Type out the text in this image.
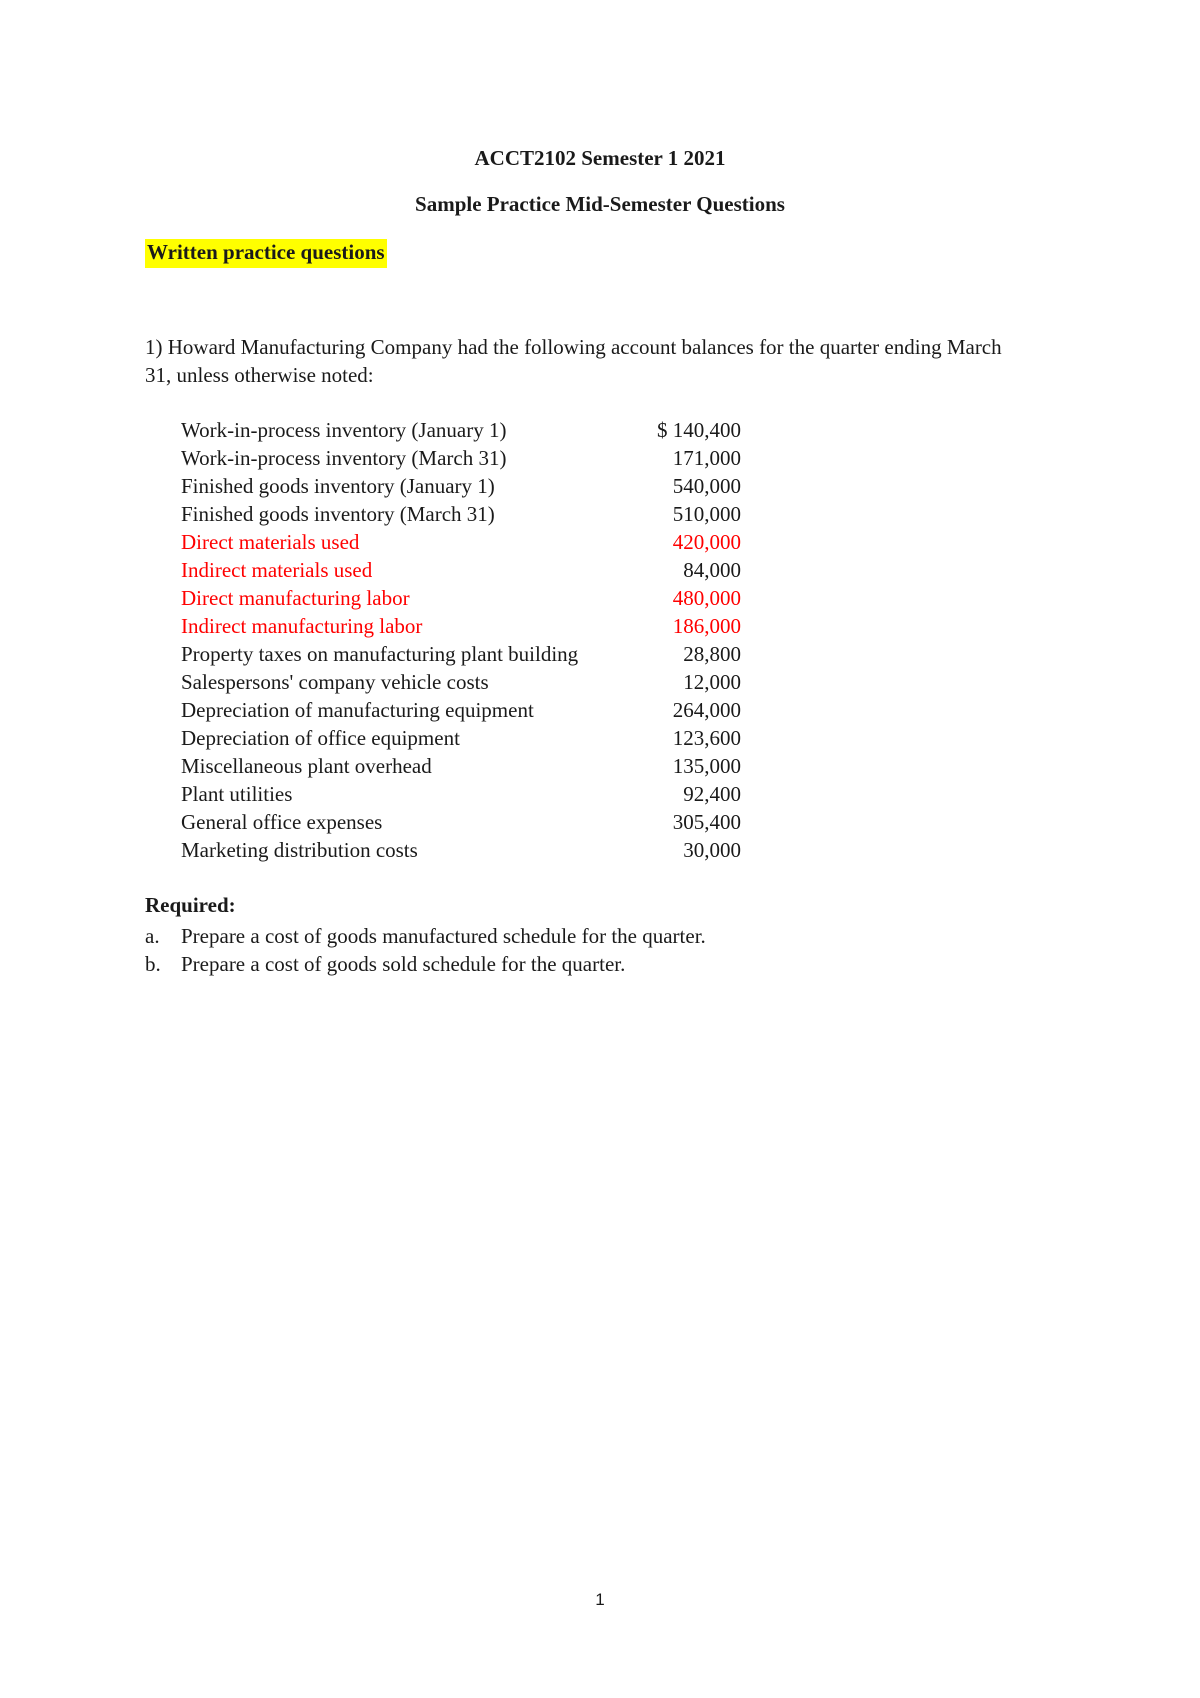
ACCT2102 Semester 1 2021
Sample Practice Mid-Semester Questions
Written practice questions
1) Howard Manufacturing Company had the following account balances for the quarter ending March 31, unless otherwise noted:
Work-in-process inventory (January 1)	$ 140,400
Work-in-process inventory (March 31)	171,000
Finished goods inventory (January 1)	540,000
Finished goods inventory (March 31)	510,000
Direct materials used	420,000
Indirect materials used	84,000
Direct manufacturing labor	480,000
Indirect manufacturing labor	186,000
Property taxes on manufacturing plant building	28,800
Salespersons' company vehicle costs	12,000
Depreciation of manufacturing equipment	264,000
Depreciation of office equipment	123,600
Miscellaneous plant overhead	135,000
Plant utilities	92,400
General office expenses	305,400
Marketing distribution costs	30,000
Required:
a. Prepare a cost of goods manufactured schedule for the quarter.
b. Prepare a cost of goods sold schedule for the quarter.
1
